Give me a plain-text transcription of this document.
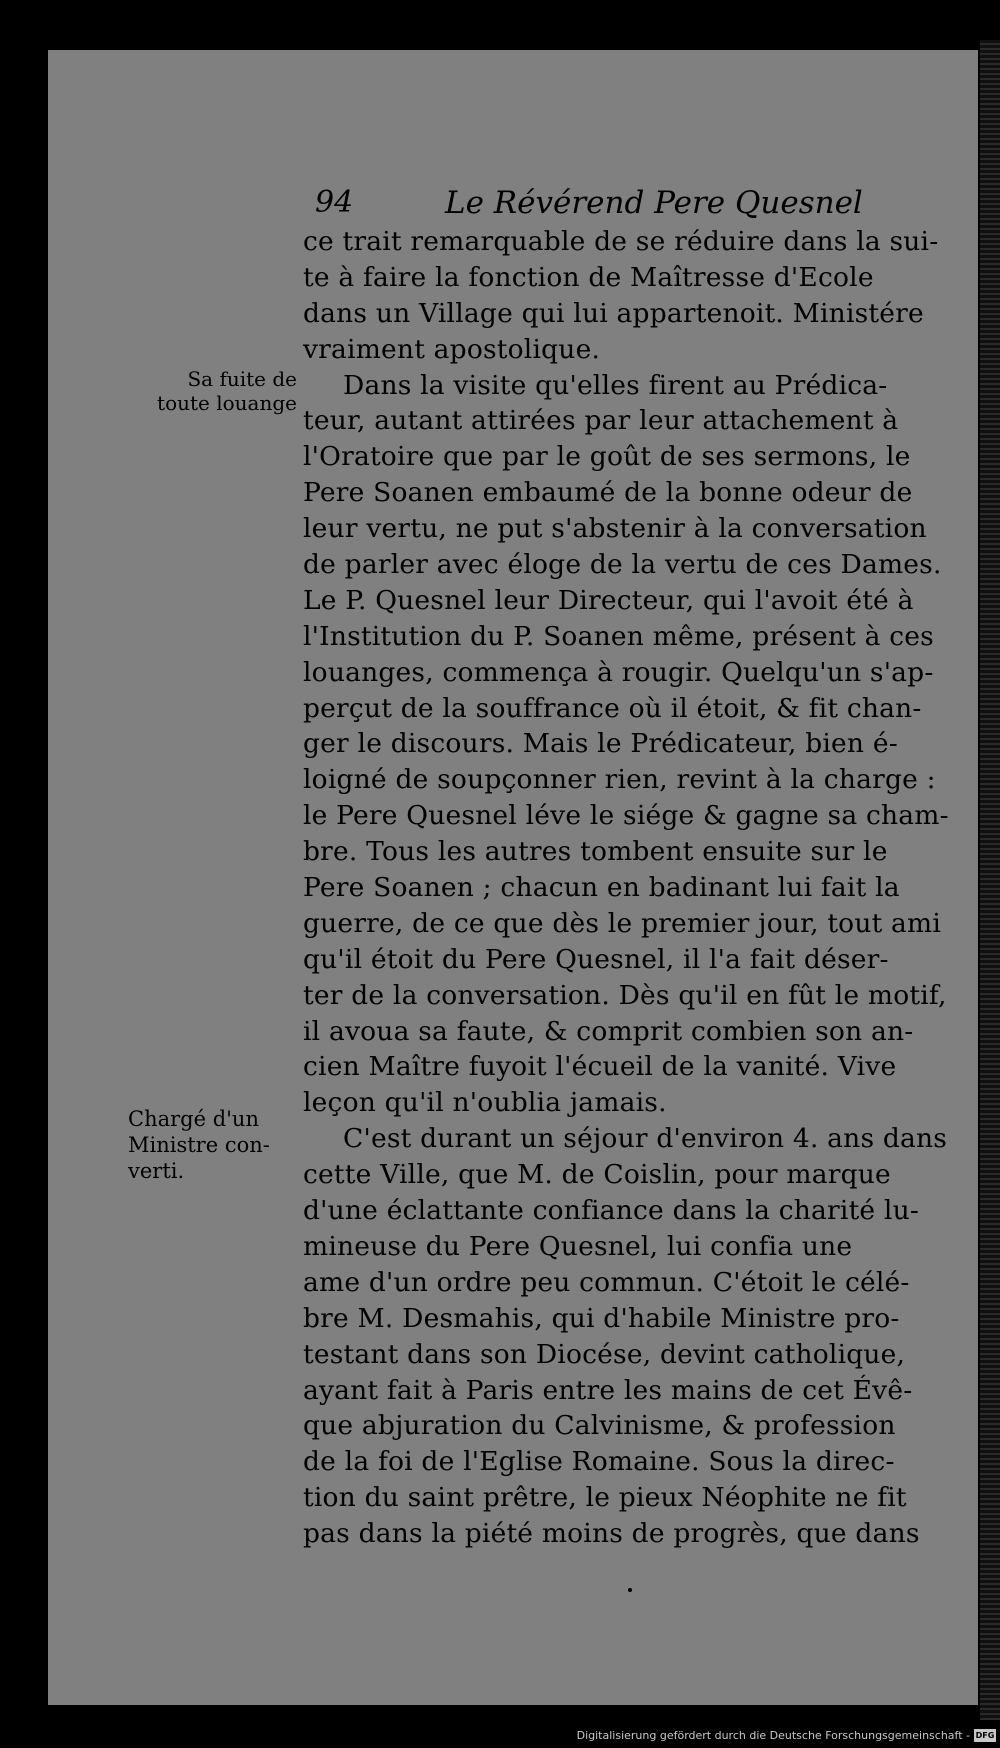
94	Le Révérend Pere Quesnel
Sa fuite de
toute louange
Chargé d'un
Ministre con-
verti.
ce trait remarquable de se réduire dans la sui-
te à faire la fonction de Maîtresse d'Ecole
dans un Village qui lui appartenoit. Ministére
vraiment apostolique.
Dans la visite qu'elles firent au Prédica-
teur, autant attirées par leur attachement à
l'Oratoire que par le goût de ses sermons, le
Pere Soanen embaumé de la bonne odeur de
leur vertu, ne put s'abstenir à la conversation
de parler avec éloge de la vertu de ces Dames.
Le P. Quesnel leur Directeur, qui l'avoit été à
l'Institution du P. Soanen même, présent à ces
louanges, commença à rougir. Quelqu'un s'ap-
perçut de la souffrance où il étoit, & fit chan-
ger le discours. Mais le Prédicateur, bien é-
loigné de soupçonner rien, revint à la charge :
le Pere Quesnel léve le siége & gagne sa cham-
bre. Tous les autres tombent ensuite sur le
Pere Soanen ; chacun en badinant lui fait la
guerre, de ce que dès le premier jour, tout ami
qu'il étoit du Pere Quesnel, il l'a fait déser-
ter de la conversation. Dès qu'il en fût le motif,
il avoua sa faute, & comprit combien son an-
cien Maître fuyoit l'écueil de la vanité. Vive
leçon qu'il n'oublia jamais.
C'est durant un séjour d'environ 4. ans dans
cette Ville, que M. de Coislin, pour marque
d'une éclattante confiance dans la charité lu-
mineuse du Pere Quesnel, lui confia une
ame d'un ordre peu commun. C'étoit le célé-
bre M. Desmahis, qui d'habile Ministre pro-
testant dans son Diocése, devint catholique,
ayant fait à Paris entre les mains de cet Évê-
que abjuration du Calvinisme, & profession
de la foi de l'Eglise Romaine. Sous la direc-
tion du saint prêtre, le pieux Néophite ne fit
pas dans la piété moins de progrès, que dans
Digitalisierung gefördert durch die Deutsche Forschungsgemeinschaft - DFG
